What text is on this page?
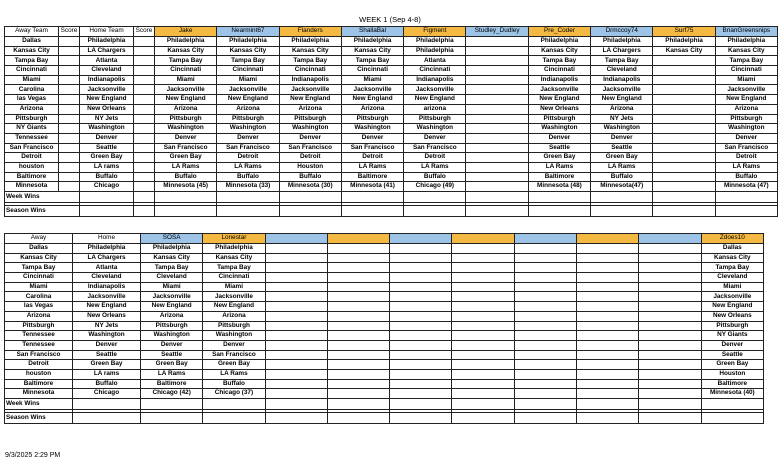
WEEK 1 (Sep 4-8)
Away Team	Score	Home Team	Score	Jake	Nearmint67	Flanders	ShallaBal	Figment	Studley_Dudley	Pre_Coder	Drmccoy74	Surf75	BrianGreensnips
Dallas		Philadelphia		Philadelphia	Philadelphia	Philadelphia	Philadelphia	Philadelphia		Philadelphia	Philadelphia	Philadelphia	Philadelphia
Kansas City		LA Chargers		Kansas City	Kansas City	Kansas City	Kansas City	Philadelphia		Kansas City	LA Chargers	Kansas City	Kansas City
Tampa Bay		Atlanta		Tampa Bay	Tampa Bay	Tampa Bay	Tampa Bay	Atlanta		Tampa Bay	Tampa Bay		Tampa Bay
Cincinnati		Cleveland		Cincinnati	Cincinnati	Cincinnati	Cincinnati	Cincinnati		Cincinnati	Cleveland		Cincinnati
Miami		Indianapolis		Miami	Miami	Indianapolis	Miami	Indianapolis		Indianapolis	Indianapolis		Miami
Carolina		Jacksonville		Jacksonville	Jacksonville	Jacksonville	Jacksonville	Jacksonville		Jacksonville	Jacksonville		Jacksonville
las Vegas		New England		New England	New England	New England	New England	New England		New England	New England		New England
Arizona		New Orleans		Arizona	Arizona	Arizona	Arizona	arizona		New Orleans	Arizona		Arizona
Pittsburgh		NY Jets		Pittsburgh	Pittsburgh	Pittsburgh	Pittsburgh	Pittsburgh		Pittsburgh	NY Jets		Pittsburgh
NY Giants		Washington		Washington	Washington	Washington	Washington	Washington		Washington	Washington		Washington
Tennessee		Denver		Denver	Denver	Denver	Denver	Denver		Denver	Denver		Denver
San Francisco		Seattle		San Francisco	San Francisco	San Francisco	San Francisco	San Francisco		Seattle	Seattle		San Francisco
Detroit		Green Bay		Green Bay	Detroit	Detroit	Detroit	Detroit		Green Bay	Green Bay		Detroit
houston		LA rams		LA Rams	LA Rams	Houston	LA Rams	LA Rams		LA Rams	LA Rams		LA Rams
Baltimore		Buffalo		Buffalo	Buffalo	Buffalo	Baltimore	Buffalo		Baltimore	Buffalo		Buffalo
Minnesota		Chicago		Minnesota (45)	Minnesota (33)	Minnesota (30)	Minnesota (41)	Chicago (49)		Minnesota (48)	Minnesota(47)		Minnesota (47)
Week Wins													

Season Wins													
Away	Home	SOSA	Lonestar								Zdoes10
Dallas	Philadelphia	Philadelphia	Philadelphia								Dallas
Kansas City	LA Chargers	Kansas City	Kansas City								Kansas City
Tampa Bay	Atlanta	Tampa Bay	Tampa Bay								Tampa Bay
Cincinnati	Cleveland	Cleveland	Cincinnati								Cleveland
Miami	Indianapolis	Miami	Miami								Miami
Carolina	Jacksonville	Jacksonville	Jacksonville								Jacksonville
las Vegas	New England	New England	New England								New England
Arizona	New Orleans	Arizona	Arizona								New Orleans
Pittsburgh	NY Jets	Pittsburgh	Pittsburgh								Pittsburgh
Tennessee	Washington	Washington	Washington								NY Giants
Tennessee	Denver	Denver	Denver								Denver
San Francisco	Seattle	Seattle	San Francisco								Seattle
Detroit	Green Bay	Green Bay	Green Bay								Green Bay
houston	LA rams	LA Rams	LA Rams								Houston
Baltimore	Buffalo	Baltimore	Buffalo								Baltimore
Minnesota	Chicago	Chicago (42)	Chicago (37)								Minnesota (40)
Week Wins											

Season Wins											
9/3/2025 2:29 PM
